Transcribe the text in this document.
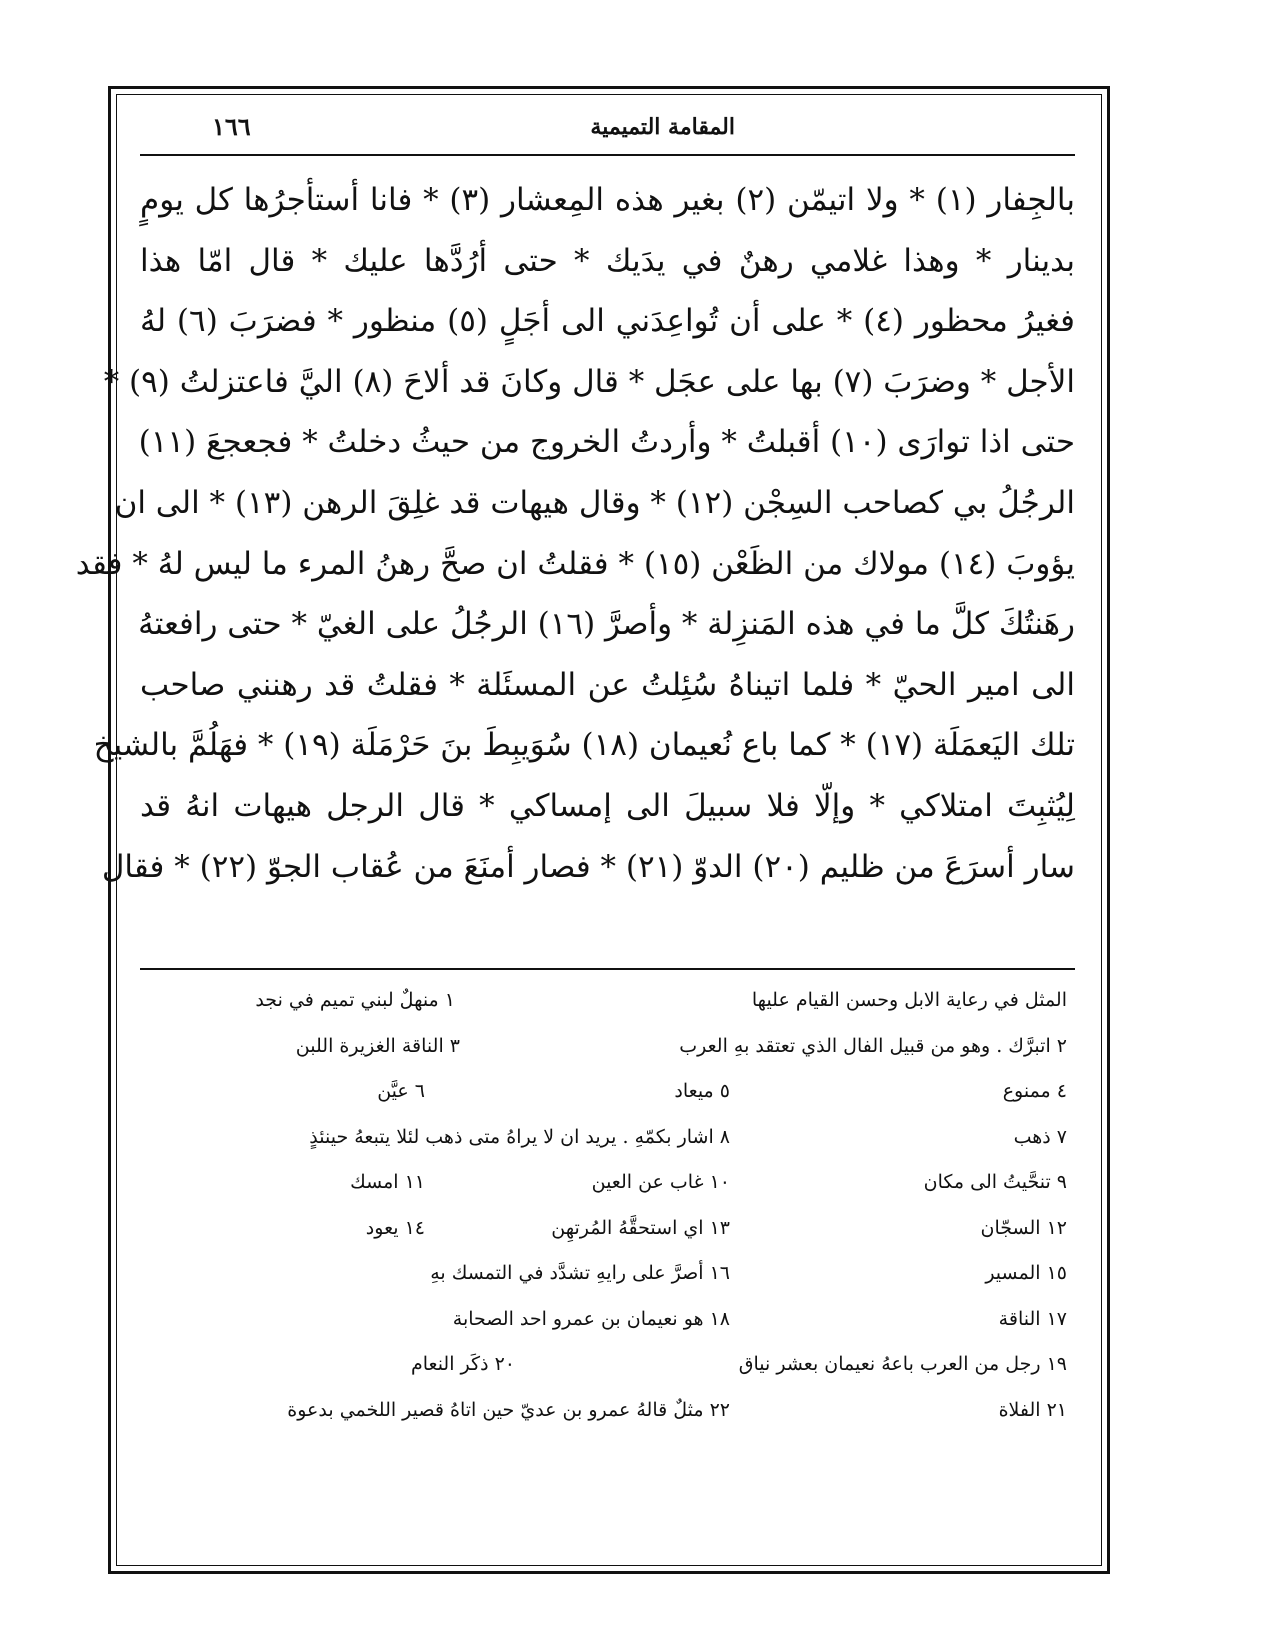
المقامة التميمية
١٦٦
بالجِفار (١) * ولا اتيمّن (٢) بغير هذه المِعشار (٣) * فانا أستأجرُها كل يومٍ
بدينار * وهذا غلامي رهنٌ في يدَيك * حتى أرُدَّها عليك * قال امّا هذا
فغيرُ محظور (٤) * على أن تُواعِدَني الى أجَلٍ (٥) منظور * فضرَبَ (٦) لهُ
الأجل * وضرَبَ (٧) بها على عجَل * قال وكانَ قد ألاحَ (٨) اليَّ فاعتزلتُ (٩) *
حتى اذا توارَى (١٠) أقبلتُ * وأردتُ الخروج من حيثُ دخلتُ * فجعجعَ (١١)
الرجُلُ بي كصاحب السِجْن (١٢) * وقال هيهات قد غلِقَ الرهن (١٣) * الى ان
يؤوبَ (١٤) مولاك من الظَعْن (١٥) * فقلتُ ان صحَّ رهنُ المرء ما ليس لهُ * فقد
رهَنتُكَ كلَّ ما في هذه المَنزِلة * وأصرَّ (١٦) الرجُلُ على الغيّ * حتى رافعتهُ
الى امير الحيّ * فلما اتيناهُ سُئِلتُ عن المسئَلة * فقلتُ قد رهنني صاحب
تلك اليَعمَلَة (١٧) * كما باع نُعيمان (١٨) سُوَيبِطَ بنَ حَرْمَلَة (١٩) * فهَلُمَّ بالشيخ
لِيُثبِتَ امتلاكي * وإلّا فلا سبيلَ الى إمساكي * قال الرجل هيهات انهُ قد
سار أسرَعَ من ظليم (٢٠) الدوّ (٢١) * فصار أمنَعَ من عُقاب الجوّ (٢٢) * فقال
المثل في رعاية الابل وحسن القيام عليها
١ منهلٌ لبني تميم في نجد
٢ اتبرَّك . وهو من قبيل الفال الذي تعتقد بهِ العرب
٣ الناقة الغزيرة اللبن
٤ ممنوع
٥ ميعاد
٦ عيَّن
٧ ذهب
٨ اشار بكمّهِ . يريد ان لا يراهُ متى ذهب لئلا يتبعهُ حينئذٍ
٩ تنحَّيتُ الى مكان
١٠ غاب عن العين
١١ امسك
١٢ السجّان
١٣ اي استحقَّهُ المُرتهِن
١٤ يعود
١٥ المسير
١٦ أصرَّ على رايهِ تشدَّد في التمسك بهِ
١٧ الناقة
١٨ هو نعيمان بن عمرو احد الصحابة
١٩ رجل من العرب باعهُ نعيمان بعشر نياق
٢٠ ذكَر النعام
٢١ الفلاة
٢٢ مثلٌ قالهُ عمرو بن عديّ حين اتاهُ قصير اللخمي بدعوة
